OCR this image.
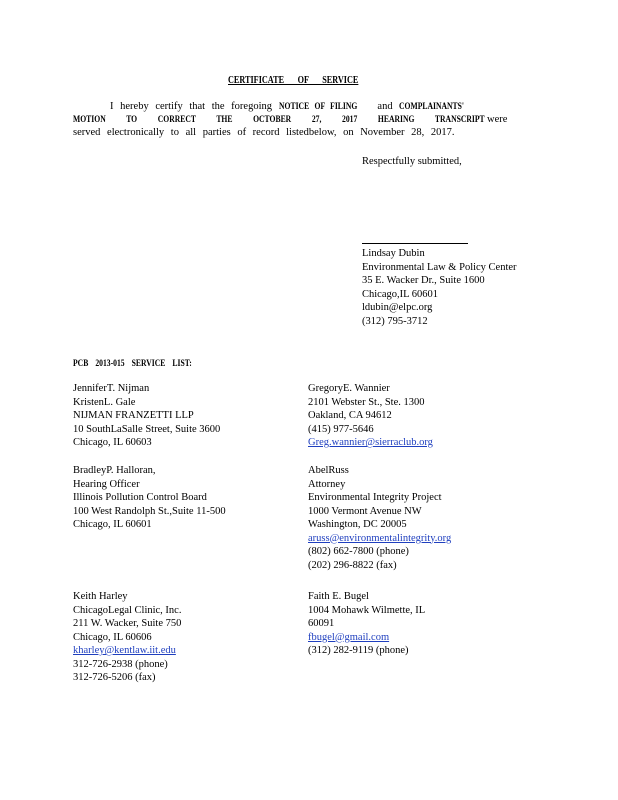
CERTIFICATE OF SERVICE
I hereby certify that the foregoing NOTICE OF FILING and COMPLAINANTS'
MOTION TO CORRECT THE OCTOBER 27, 2017 HEARING TRANSCRIPT were
served electronically to all parties of record listedbelow, on November 28, 2017.
Respectfully submitted,
Lindsay Dubin
Environmental Law & Policy Center
35 E. Wacker Dr., Suite 1600
Chicago,IL 60601
ldubin@elpc.org
(312) 795-3712
PCB 2013-015 SERVICE LIST:
JenniferT. Nijman
KristenL. Gale
NIJMAN FRANZETTI LLP
10 SouthLaSalle Street, Suite 3600
Chicago, IL 60603
GregoryE. Wannier
2101 Webster St., Ste. 1300
Oakland, CA 94612
(415) 977-5646
Greg.wannier@sierraclub.org
BradleyP. Halloran,
Hearing Officer
Illinois Pollution Control Board
100 West Randolph St.,Suite 11-500
Chicago, IL 60601
AbelRuss
Attorney
Environmental Integrity Project
1000 Vermont Avenue NW
Washington, DC 20005
aruss@environmentalintegrity.org
(802) 662-7800 (phone)
(202) 296-8822 (fax)
Keith Harley
ChicagoLegal Clinic, Inc.
211 W. Wacker, Suite 750
Chicago, IL 60606
kharley@kentlaw.iit.edu
312-726-2938 (phone)
312-726-5206 (fax)
Faith E. Bugel
1004 Mohawk Wilmette, IL
60091
fbugel@gmail.com
(312) 282-9119 (phone)
